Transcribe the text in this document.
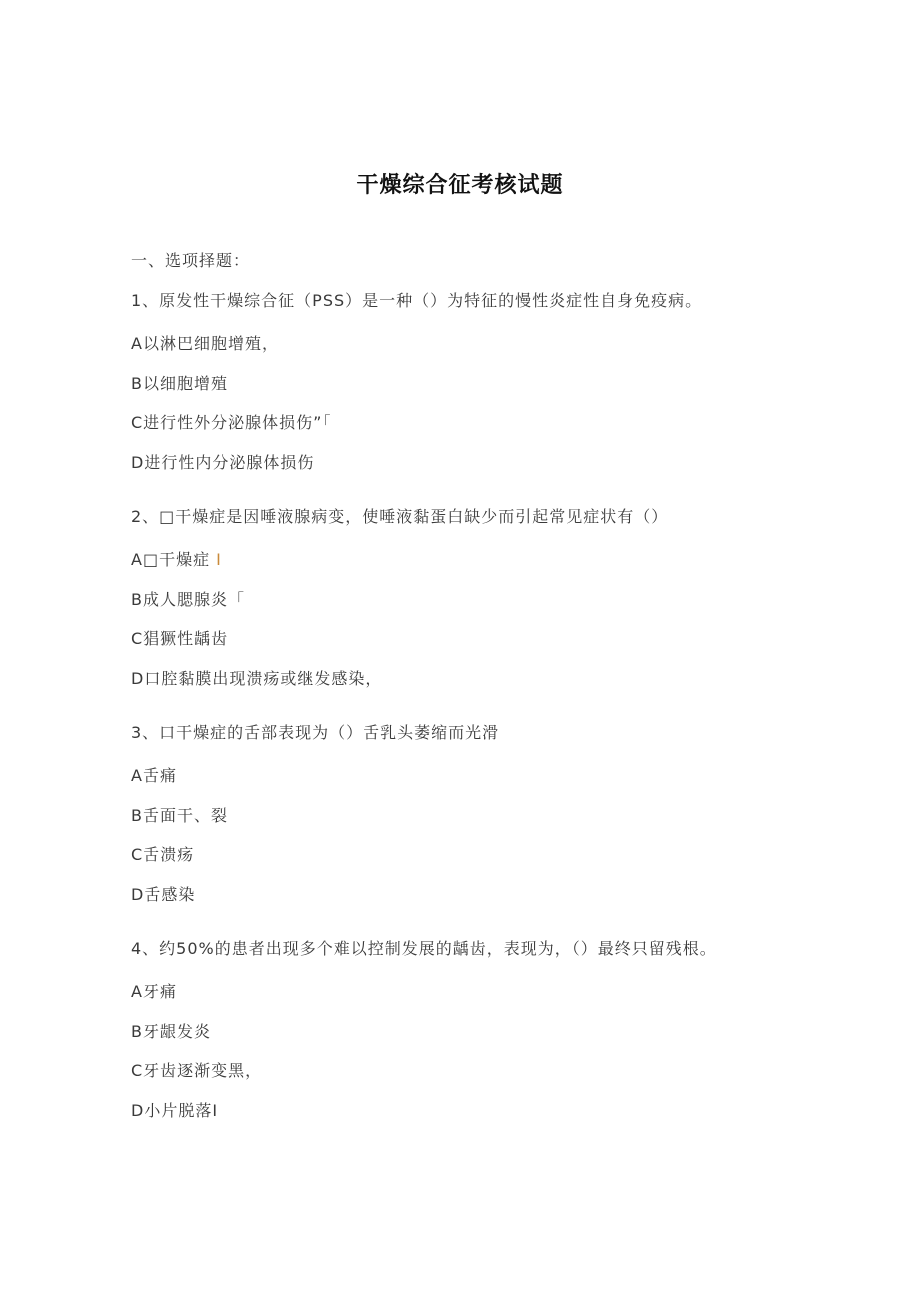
干燥综合征考核试题
一、选项择题：
1、原发性干燥综合征（PSS）是一种（）为特征的慢性炎症性自身免疫病。
A以淋巴细胞增殖，
B以细胞增殖
C进行性外分泌腺体损伤”「
D进行性内分泌腺体损伤
2、□干燥症是因唾液腺病变，使唾液黏蛋白缺少而引起常见症状有（）
A□干燥症 I
B成人腮腺炎「
C猖獗性龋齿
D口腔黏膜出现溃疡或继发感染，
3、口干燥症的舌部表现为（）舌乳头萎缩而光滑
A舌痛
B舌面干、裂
C舌溃疡
D舌感染
4、约50%的患者出现多个难以控制发展的龋齿，表现为，（）最终只留残根。
A牙痛
B牙龈发炎
C牙齿逐渐变黑，
D小片脱落I
